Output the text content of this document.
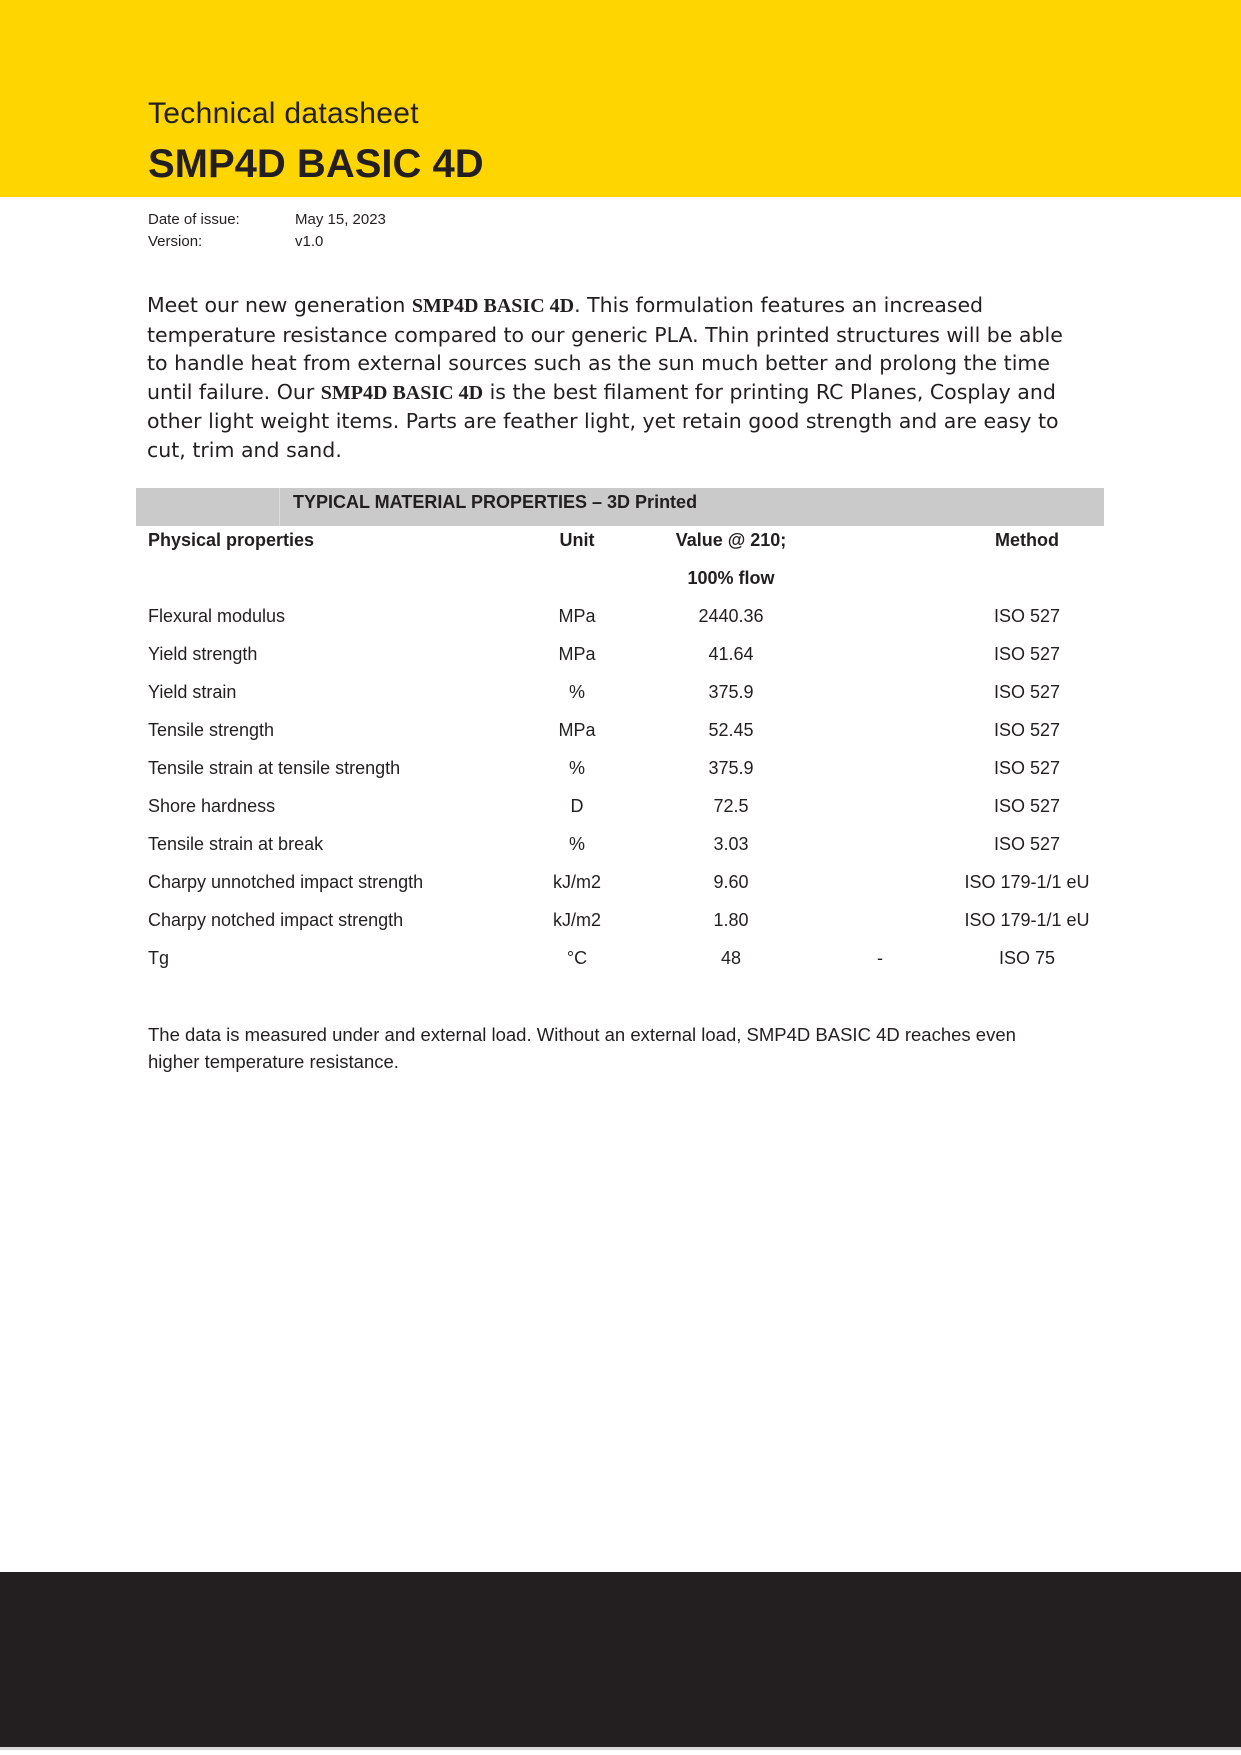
Technical datasheet
SMP4D BASIC 4D
Date of issue:	May 15, 2023
Version:	v1.0
Meet our new generation SMP4D BASIC 4D. This formulation features an increased temperature resistance compared to our generic PLA. Thin printed structures will be able to handle heat from external sources such as the sun much better and prolong the time until failure. Our SMP4D BASIC 4D is the best filament for printing RC Planes, Cosplay and other light weight items. Parts are feather light, yet retain good strength and are easy to cut, trim and sand.
TYPICAL MATERIAL PROPERTIES – 3D Printed
Physical properties	Unit	Value @ 210;	Method
100% flow
Flexural modulus	MPa	2440.36	ISO 527
Yield strength	MPa	41.64	ISO 527
Yield strain	%	375.9	ISO 527
Tensile strength	MPa	52.45	ISO 527
Tensile strain at tensile strength	%	375.9	ISO 527
Shore hardness	D	72.5	ISO 527
Tensile strain at break	%	3.03	ISO 527
Charpy unnotched impact strength	kJ/m2	9.60	ISO 179-1/1 eU
Charpy notched impact strength	kJ/m2	1.80	ISO 179-1/1 eU
Tg	°C	48	-	ISO 75
The data is measured under and external load. Without an external load, SMP4D BASIC 4D reaches even higher temperature resistance.
